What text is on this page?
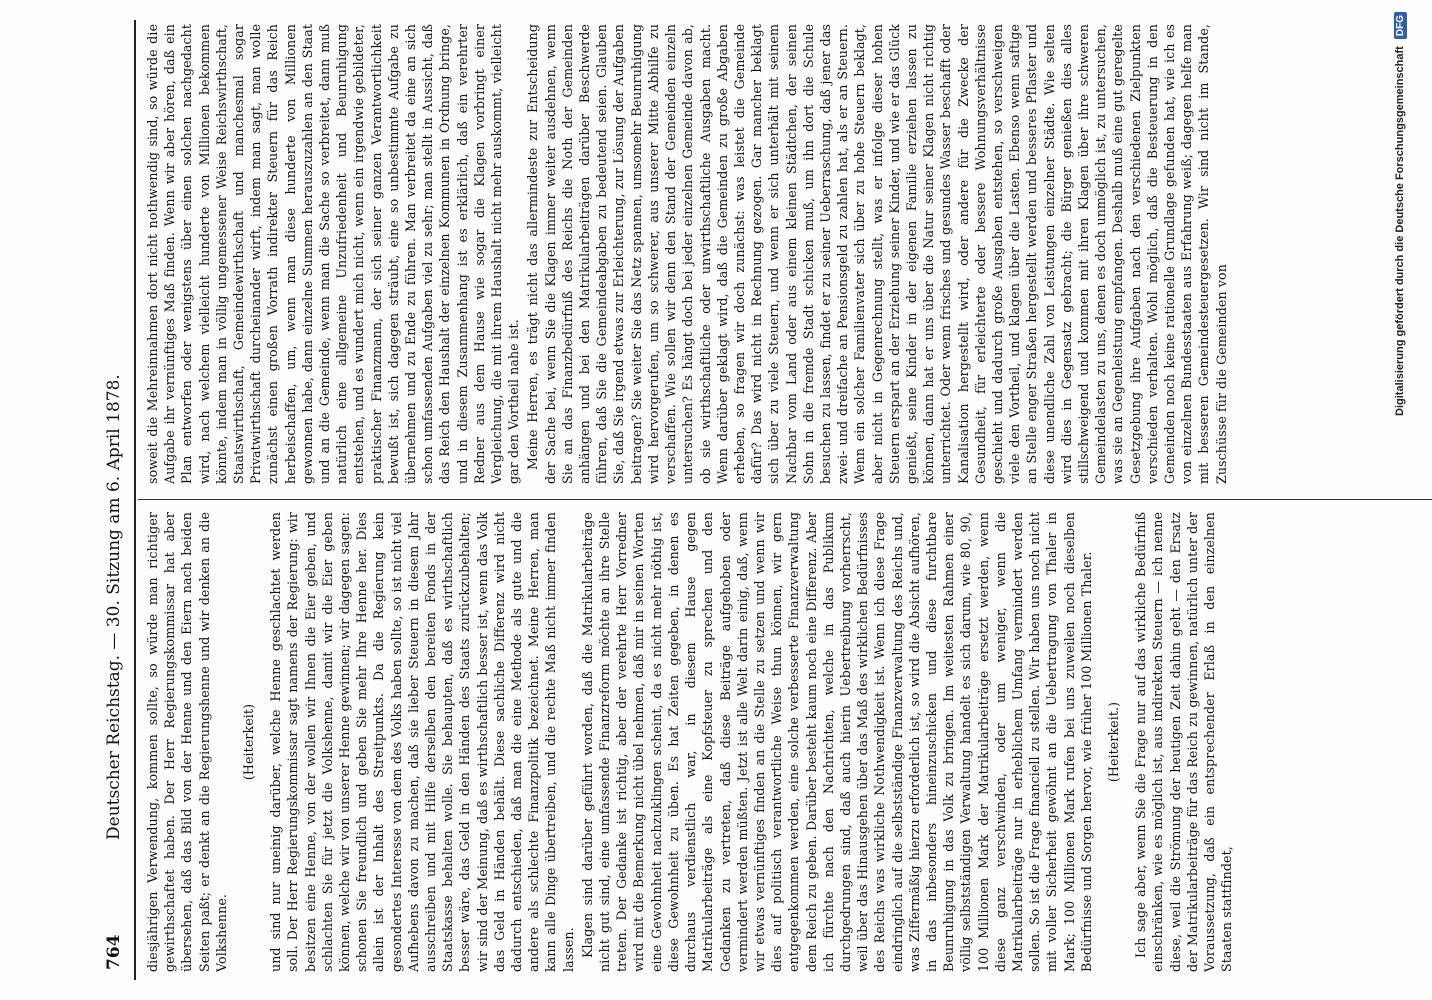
764
Deutscher Reichstag. — 30. Sitzung am 6. April 1878. diesjährigen Verwendung, kommen sollte, so würde man richtiger gewirthschaftet haben. Der Herr Regierungskommissar hat aber übersehen, daß das Bild von der Henne und den Eiern nach beiden Seiten paßt; er denkt an die Regierungshenne und wir denken an die Volkshenne.

(Heiterkeit) und sind nur uneinig darüber, welche Henne geschlachtet werden soll. Der Herr Regierungskommissar sagt namens der Regierung: wir besitzen eine Henne, von der wollen wir Ihnen die Eier geben, und schlachten Sie für jetzt die Volkshenne, damit wir die Eier geben können, welche wir von unserer Henne gewinnen; wir dagegen sagen: schonen Sie freundlich und geben Sie mehr Ihre Henne her. Dies allein ist der Inhalt des Streitpunkts. Da die Regierung kein gesondertes Interesse von dem des Volks haben sollte, so ist nicht viel Aufhebens davon zu machen, daß sie lieber Steuern in diesem Jahr ausschreiben und mit Hilfe derselben den bereiten Fonds in der Staatskasse behalten wolle. Sie behaupten, daß es wirthschaftlich besser wäre, das Geld in den Händen des Staats zurückzubehalten; wir sind der Meinung, daß es wirthschaftlich besser ist, wenn das Volk das Geld in Händen behält. Diese sachliche Differenz wird nicht dadurch entschieden, daß man die eine Methode als gute und die andere als schlechte Finanzpolitik bezeichnet. Meine Herren, man kann alle Dinge übertreiben, und die rechte Maß nicht immer finden lassen. Klagen sind darüber geführt worden, daß die Matrikularbeiträge nicht gut sind, eine umfassende Finanzreform möchte an ihre Stelle treten. Der Gedanke ist richtig, aber der verehrte Herr Vorredner wird mit die Bemerkung nicht übel nehmen, daß mir in seinen Worten eine Gewohnheit nachzuklingen scheint, da es nicht mehr nöthig ist, diese Gewohnheit zu üben. Es hat Zeiten gegeben, in denen es durchaus verdienstlich war, in diesem Hause gegen Matrikularbeiträge als eine Kopfsteuer zu sprechen und den Gedanken zu vertreten, daß diese Beiträge aufgehoben oder vermindert werden müßten. Jetzt ist alle Welt darin einig, daß, wenn wir etwas vernünftiges finden an die Stelle zu setzen und wenn wir dies auf politisch verantwortliche Weise thun können, wir gern entgegenkommen werden, eine solche verbesserte Finanzverwaltung dem Reich zu geben. Darüber besteht kaum noch eine Differenz. Aber ich fürchte nach den Nachrichten, welche in das Publikum durchgedrungen sind, daß auch hierin Uebertreibung vorherrscht, weil über das Hinausgehen über das Maß des wirklichen Bedürfnisses des Reichs was wirkliche Nothwendigkeit ist. Wenn ich diese Frage eindringlich auf die selbstständige Finanzverwaltung des Reichs und, was Ziffermäßig hierzu erforderlich ist, so wird die Absicht aufhören, in das inbesonders hineinzuschicken und diese furchtbare Beunruhigung in das Volk zu bringen. Im weitesten Rahmen einer völlig selbstständigen Verwaltung handelt es sich darum, wie 80, 90, 100 Millionen Mark der Matrikularbeiträge ersetzt werden, wenn diese ganz verschwinden, oder um weniger, wenn die Matrikularbeiträge nur in erheblichem Umfang vermindert werden sollen. So ist die Frage financiell zu stellen. Wir haben uns noch nicht mit voller Sicherheit gewöhnt an die Uebertragung von Thaler in Mark; 100 Millionen Mark rufen bei uns zuweilen noch dieselben Bedürfnisse und Sorgen hervor, wie früher 100 Millionen Thaler. (Heiterkeit.) Ich sage aber, wenn Sie die Frage nur auf das wirkliche Bedürfniß einschränken, wie es möglich ist, aus indirekten Steuern — ich nenne diese, weil die Strömung der heutigen Zeit dahin geht — den Ersatz der Matrikularbeiträge für das Reich zu gewinnen, natürlich unter der Voraussetzung, daß ein entsprechender Erlaß in den einzelnen Staaten stattfindet,

soweit die Mehreinnahmen dort nicht nothwendig sind, so würde die Aufgabe ihr vernünftiges Maß finden. Wenn wir aber hören, daß ein Plan entworfen oder wenigstens über einen solchen nachgedacht wird, nach welchem vielleicht hunderte von Millionen bekommen könnte, indem man in völlig ungemessener Weise Reichswirthschaft, Staatswirthschaft, Gemeindewirthschaft und manchesmal sogar Privatwirthschaft durcheinander wirft, indem man sagt, man wolle zunächst einen großen Vorrath indirekter Steuern für das Reich herbeischaffen, um, wenn man diese hunderte von Millionen gewonnen habe, dann einzelne Summen herauszuzahlen an den Staat und an die Gemeinde, wenn man die Sache so verbreitet, dann muß natürlich eine allgemeine Unzufriedenheit und Beunruhigung entstehen, und es wundert mich nicht, wenn ein irgendwie gebildeter, praktischer Finanzmann, der sich seiner ganzen Verantwortlichkeit bewußt ist, sich dagegen sträubt, eine so unbestimmte Aufgabe zu übernehmen und zu Ende zu führen. Man verbreitet da eine an sich schon umfassenden Aufgaben viel zu sehr; man stellt in Aussicht, daß das Reich den Haushalt der einzelnen Kommunen in Ordnung bringe, und in diesem Zusammenhang ist es erklärlich, daß ein verehrter Redner aus dem Hause wie sogar die Klagen vorbringt einer Vergleichung, die mit ihrem Haushalt nicht mehr auskommt, vielleicht gar den Vortheil nahe ist. Meine Herren, es trägt nicht das allermindeste zur Entscheidung der Sache bei, wenn Sie die Klagen immer weiter ausdehnen, wenn Sie an das Finanzbedürfniß des Reichs die Noth der Gemeinden anhängen und bei den Matrikularbeiträgen darüber Beschwerde führen, daß Sie die Gemeindeabgaben zu bedeutend seien. Glauben Sie, daß Sie irgend etwas zur Erleichterung, zur Lösung der Aufgaben beitragen? Sie weiter Sie das Netz spannen, umsomehr Beunruhigung wird hervorgerufen, um so schwerer, aus unserer Mitte Abhilfe zu verschaffen. Wie sollen wir denn den Stand der Gemeinden einzeln untersuchen? Es hängt doch bei jeder einzelnen Gemeinde davon ab, ob sie wirthschaftliche oder unwirthschaftliche Ausgaben macht. Wenn darüber geklagt wird, daß die Gemeinden zu große Abgaben erheben, so fragen wir doch zunächst: was leistet die Gemeinde dafür? Das wird nicht in Rechnung gezogen. Gar mancher beklagt sich über zu viele Steuern, und wenn er sich unterhält mit seinem Nachbar vom Land oder aus einem kleinen Städtchen, der seinen Sohn in die fremde Stadt schicken muß, um ihn dort die Schule besuchen zu lassen, findet er zu seiner Ueberraschung, daß jener das zwei- und dreifache an Pensionsgeld zu zahlen hat, als er an Steuern. Wenn ein solcher Familienvater sich über zu hohe Steuern beklagt, aber nicht in Gegenrechnung stellt, was er infolge dieser hohen Steuern erspart an der Erziehung seiner Kinder, und wie er das Glück genießt, seine Kinder in der eigenen Familie erziehen lassen zu können, dann hat er uns über die Natur seiner Klagen nicht richtig unterrichtet. Oder wenn frisches und gesundes Wasser beschafft oder Kanalisation hergestellt wird, oder andere für die Zwecke der Gesundheit, für erleichterte oder bessere Wohnungsverhältnisse geschieht und dadurch große Ausgaben entstehen, so verschweigen viele den Vortheil, und klagen über die Lasten. Ebenso wenn saftige an Stelle enger Straßen hergestellt werden und besseres Pflaster und diese unendliche Zahl von Leistungen einzelner Städte. Wie selten wird dies in Gegensatz gebracht; die Bürger genießen dies alles stillschweigend und kommen mit ihren Klagen über ihre schweren Gemeindelasten zu uns, denen es doch unmöglich ist, zu untersuchen, was sie an Gegenleistung empfangen. Deshalb muß eine gut geregelte Gesetzgebung ihre Aufgaben nach den verschiedenen Zielpunkten verschieden verhalten. Wohl möglich, daß die Besteuerung in den Gemeinden noch keine rationelle Grundlage gefunden hat, wie ich es von einzelnen Bundesstaaten aus Erfahrung weiß; dagegen helfe man mit besseren Gemeindesteuergesetzen. Wir sind nicht im Stande, Zuschüsse für die Gemeinden von	Digitalisierung gefördert durch die Deutsche Forschungsgemeinschaft DFG
